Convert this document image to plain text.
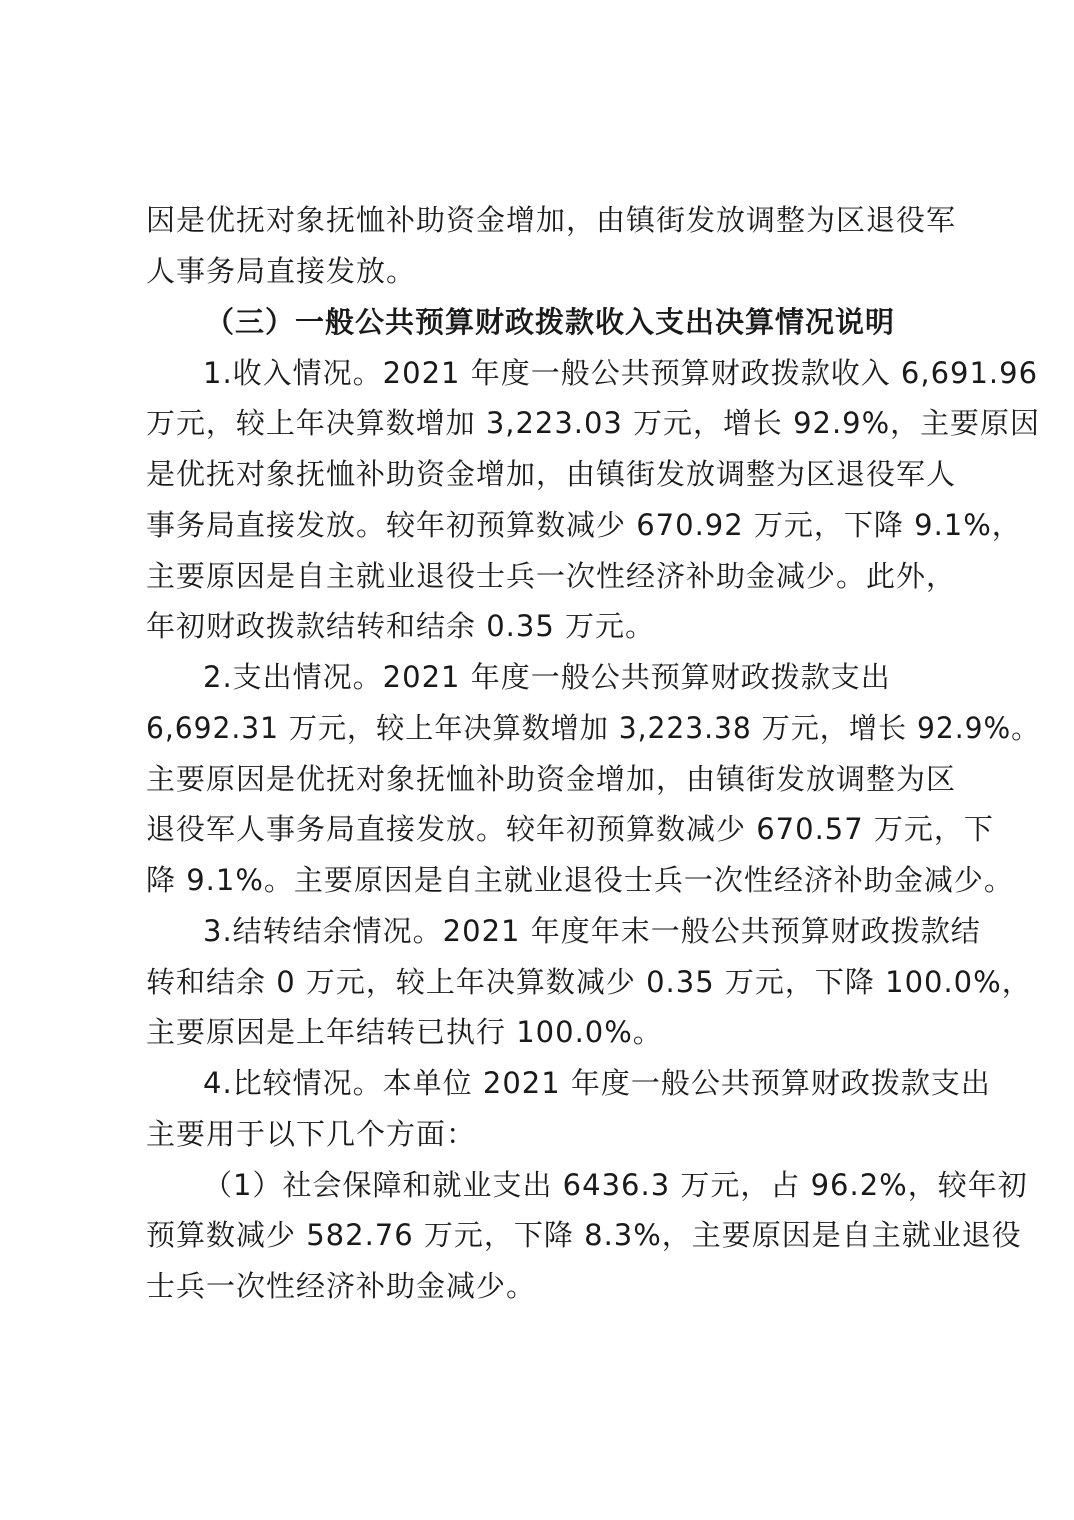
因是优抚对象抚恤补助资金增加，由镇街发放调整为区退役军
人事务局直接发放。
（三）一般公共预算财政拨款收入支出决算情况说明
1.收入情况。2021 年度一般公共预算财政拨款收入 6,691.96
万元，较上年决算数增加 3,223.03 万元，增长 92.9%，主要原因
是优抚对象抚恤补助资金增加，由镇街发放调整为区退役军人
事务局直接发放。较年初预算数减少 670.92 万元，下降 9.1%，
主要原因是自主就业退役士兵一次性经济补助金减少。此外，
年初财政拨款结转和结余 0.35 万元。
2.支出情况。2021 年度一般公共预算财政拨款支出
6,692.31 万元，较上年决算数增加 3,223.38 万元，增长 92.9%。
主要原因是优抚对象抚恤补助资金增加，由镇街发放调整为区
退役军人事务局直接发放。较年初预算数减少 670.57 万元，下
降 9.1%。主要原因是自主就业退役士兵一次性经济补助金减少。
3.结转结余情况。2021 年度年末一般公共预算财政拨款结
转和结余 0 万元，较上年决算数减少 0.35 万元，下降 100.0%，
主要原因是上年结转已执行 100.0%。
4.比较情况。本单位 2021 年度一般公共预算财政拨款支出
主要用于以下几个方面：
（1）社会保障和就业支出 6436.3 万元，占 96.2%，较年初
预算数减少 582.76 万元，下降 8.3%，主要原因是自主就业退役
士兵一次性经济补助金减少。
